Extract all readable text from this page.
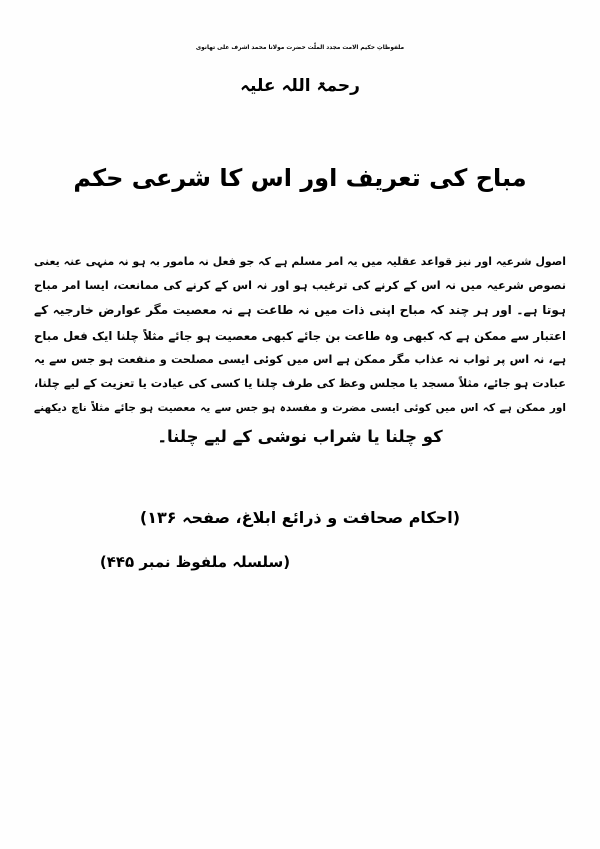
ملفوظاتِ حکیم الامت مجدد الملّت حضرت مولانا محمد اشرف علی تھانوی
رحمۃ اللہ علیہ
مباح کی تعریف اور اس کا شرعی حکم
اصول شرعیہ اور نیز قواعد عقلیہ میں یہ امر مسلم ہے کہ جو فعل نہ مامور بہ ہو نہ منہی عنہ یعنی
نصوص شرعیہ میں نہ اس کے کرنے کی ترغیب ہو اور نہ اس کے کرنے کی ممانعت، ایسا امر مباح
ہوتا ہے۔ اور ہر چند کہ مباح اپنی ذات میں نہ طاعت ہے نہ معصیت مگر عوارض خارجیہ کے
اعتبار سے ممکن ہے کہ کبھی وہ طاعت بن جائے کبھی معصیت ہو جائے مثلاً چلنا ایک فعل مباح
ہے، نہ اس پر ثواب نہ عذاب مگر ممکن ہے اس میں کوئی ایسی مصلحت و منفعت ہو جس سے یہ
عبادت ہو جائے، مثلاً مسجد یا مجلس وعظ کی طرف چلنا یا کسی کی عیادت یا تعزیت کے لیے چلنا،
اور ممکن ہے کہ اس میں کوئی ایسی مضرت و مفسدہ ہو جس سے یہ معصیت ہو جائے مثلاً ناچ دیکھنے
کو چلنا یا شراب نوشی کے لیے چلنا۔
(احکام صحافت و ذرائع ابلاغ، صفحہ ۱۳۶)
(سلسلہ ملفوظ نمبر ۴۴۵)
